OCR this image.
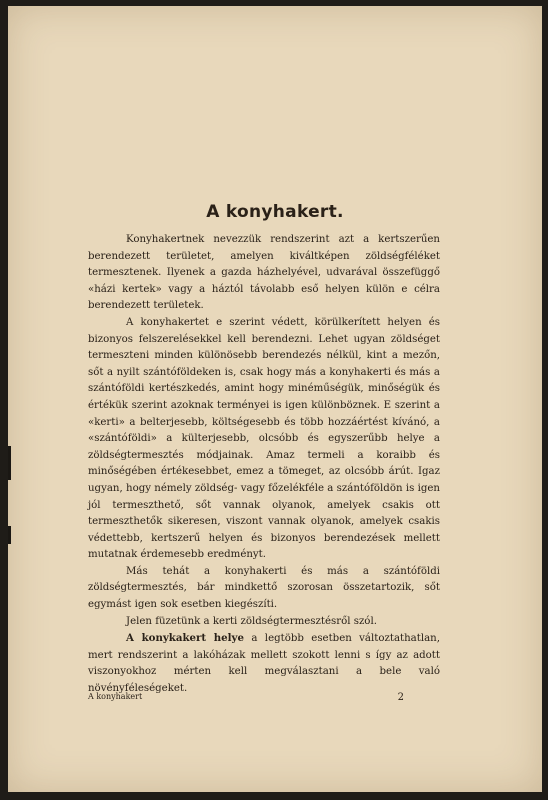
A konyhakert.

Konyhakertnek nevezzük rendszerint azt a kertszerűen berendezett területet, amelyen kiváltképen zöldségféléket termesztenek. Ilyenek a gazda házhelyével, udvarával összefüggő «házi kertek» vagy a háztól távolabb eső helyen külön e célra berendezett területek.

A konyhakertet e szerint védett, körülkerített helyen és bizonyos felszerelésekkel kell berendezni. Lehet ugyan zöldséget termeszteni minden különösebb berendezés nélkül, kint a mezőn, sőt a nyilt szántóföldeken is, csak hogy más a konyhakerti és más a szántóföldi kertészkedés, amint hogy minéműségük, minőségük és értékük szerint azoknak terményei is igen különböznek. E szerint a «kerti» a belterjesebb, költségesebb és több hozzáértést kívánó, a «szántóföldi» a külterjesebb, olcsóbb és egyszerűbb helye a zöldségtermesztés módjainak. Amaz termeli a koraibb és minőségében értékesebbet, emez a tömeget, az olcsóbb árút. Igaz ugyan, hogy némely zöldség- vagy főzelékféle a szántóföldön is igen jól termeszthető, sőt vannak olyanok, amelyek csakis ott termeszthetők sikeresen, viszont vannak olyanok, amelyek csakis védettebb, kertszerű helyen és bizonyos berendezések mellett mutatnak érdemesebb eredményt.

Más tehát a konyhakerti és más a szántóföldi zöldségtermesztés, bár mindkettő szorosan összetartozik, sőt egymást igen sok esetben kiegészíti.

Jelen füzetünk a kerti zöldségtermesztésről szól.

A konykakert helye a legtöbb esetben változtathatlan, mert rendszerint a lakóházak mellett szokott lenni s így az adott viszonyokhoz mérten kell megválasztani a bele való növényféleségeket.

A konyhakert	2
